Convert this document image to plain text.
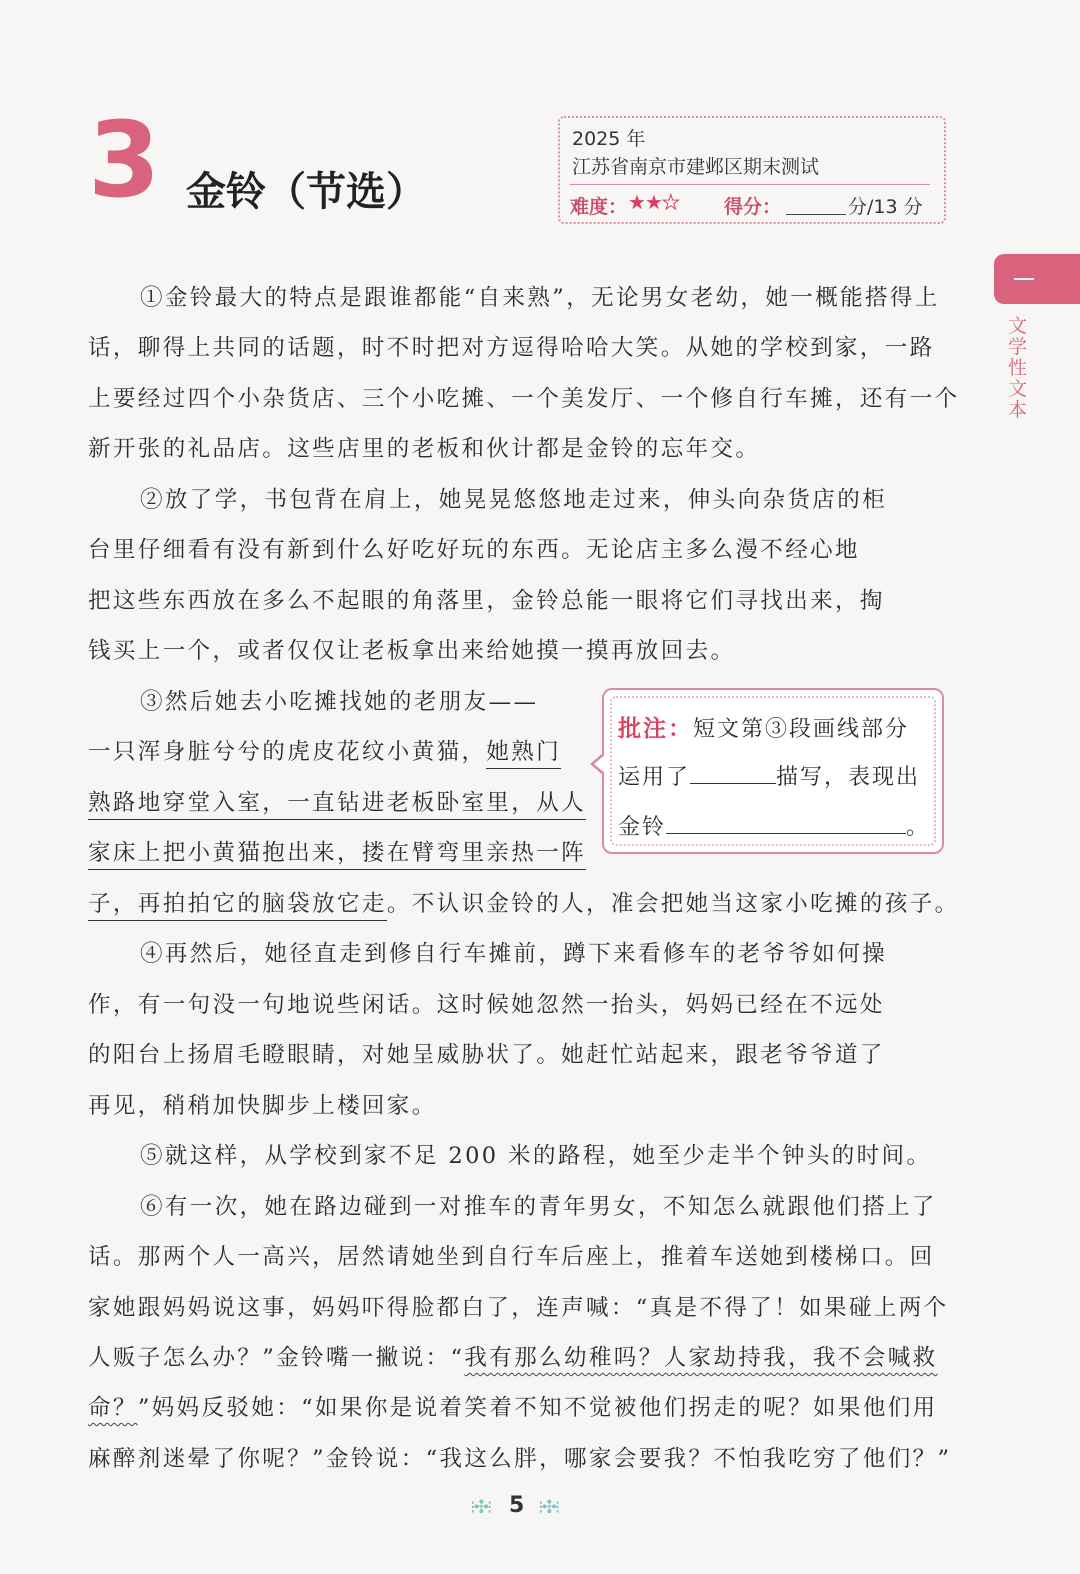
3 金铃（节选）
2025 年
江苏省南京市建邺区期末测试
难度： ★★★ 得分：	分/13 分
文学性文本
①金铃最大的特点是跟谁都能“自来熟”，无论男女老幼，她一概能搭得上
话，聊得上共同的话题，时不时把对方逗得哈哈大笑。从她的学校到家，一路
上要经过四个小杂货店、三个小吃摊、一个美发厅、一个修自行车摊，还有一个
新开张的礼品店。这些店里的老板和伙计都是金铃的忘年交。
②放了学，书包背在肩上，她晃晃悠悠地走过来，伸头向杂货店的柜
台里仔细看有没有新到什么好吃好玩的东西。无论店主多么漫不经心地
把这些东西放在多么不起眼的角落里，金铃总能一眼将它们寻找出来，掏
钱买上一个，或者仅仅让老板拿出来给她摸一摸再放回去。
③然后她去小吃摊找她的老朋友——
一只浑身脏兮兮的虎皮花纹小黄猫，她熟门
熟路地穿堂入室，一直钻进老板卧室里，从人
家床上把小黄猫抱出来，搂在臂弯里亲热一阵
子，再拍拍它的脑袋放它走。不认识金铃的人，准会把她当这家小吃摊的孩子。
批注：短文第③段画线部分
运用了	描写，表现出
金铃	。
④再然后，她径直走到修自行车摊前，蹲下来看修车的老爷爷如何操
作，有一句没一句地说些闲话。这时候她忽然一抬头，妈妈已经在不远处
的阳台上扬眉毛瞪眼睛，对她呈威胁状了。她赶忙站起来，跟老爷爷道了
再见，稍稍加快脚步上楼回家。
⑤就这样，从学校到家不足 200 米的路程，她至少走半个钟头的时间。
⑥有一次，她在路边碰到一对推车的青年男女，不知怎么就跟他们搭上了
话。那两个人一高兴，居然请她坐到自行车后座上，推着车送她到楼梯口。回
家她跟妈妈说这事，妈妈吓得脸都白了，连声喊：“真是不得了！如果碰上两个
人贩子怎么办？”金铃嘴一撇说：“我有那么幼稚吗？人家劫持我，我不会喊救
命？”妈妈反驳她：“如果你是说着笑着不知不觉被他们拐走的呢？如果他们用
麻醉剂迷晕了你呢？”金铃说：“我这么胖，哪家会要我？不怕我吃穷了他们？”
⁝✣⁝ 5 ⁝✣⁝
